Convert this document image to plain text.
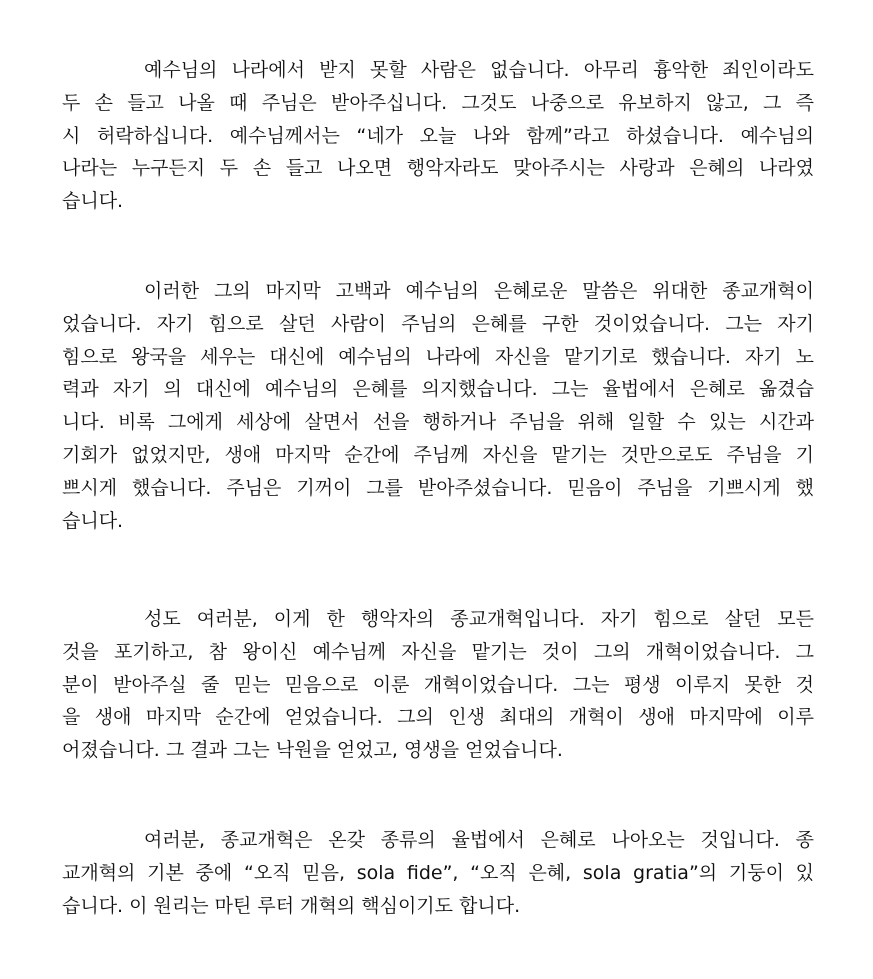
예수님의 나라에서 받지 못할 사람은 없습니다. 아무리 흉악한 죄인이라도
두 손 들고 나올 때 주님은 받아주십니다. 그것도 나중으로 유보하지 않고, 그 즉
시 허락하십니다. 예수님께서는 “네가 오늘 나와 함께”라고 하셨습니다. 예수님의
나라는 누구든지 두 손 들고 나오면 행악자라도 맞아주시는 사랑과 은혜의 나라였
습니다.
이러한 그의 마지막 고백과 예수님의 은혜로운 말씀은 위대한 종교개혁이
었습니다. 자기 힘으로 살던 사람이 주님의 은혜를 구한 것이었습니다. 그는 자기
힘으로 왕국을 세우는 대신에 예수님의 나라에 자신을 맡기기로 했습니다. 자기 노
력과 자기 의 대신에 예수님의 은혜를 의지했습니다. 그는 율법에서 은혜로 옮겼습
니다. 비록 그에게 세상에 살면서 선을 행하거나 주님을 위해 일할 수 있는 시간과
기회가 없었지만, 생애 마지막 순간에 주님께 자신을 맡기는 것만으로도 주님을 기
쁘시게 했습니다. 주님은 기꺼이 그를 받아주셨습니다. 믿음이 주님을 기쁘시게 했
습니다.
성도 여러분, 이게 한 행악자의 종교개혁입니다. 자기 힘으로 살던 모든
것을 포기하고, 참 왕이신 예수님께 자신을 맡기는 것이 그의 개혁이었습니다. 그
분이 받아주실 줄 믿는 믿음으로 이룬 개혁이었습니다. 그는 평생 이루지 못한 것
을 생애 마지막 순간에 얻었습니다. 그의 인생 최대의 개혁이 생애 마지막에 이루
어졌습니다. 그 결과 그는 낙원을 얻었고, 영생을 얻었습니다.
여러분, 종교개혁은 온갖 종류의 율법에서 은혜로 나아오는 것입니다. 종
교개혁의 기본 중에 “오직 믿음, sola fide”, “오직 은혜, sola gratia”의 기둥이 있
습니다. 이 원리는 마틴 루터 개혁의 핵심이기도 합니다.
